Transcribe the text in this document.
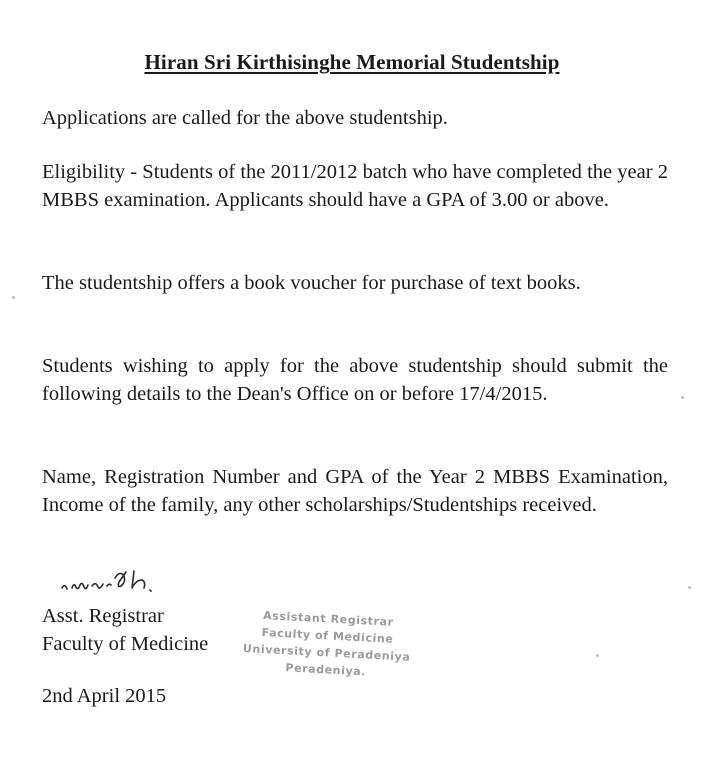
Hiran Sri Kirthisinghe Memorial Studentship
Applications are called for the above studentship.
Eligibility - Students of the 2011/2012 batch who have completed the year 2 MBBS examination. Applicants should have a GPA of 3.00 or above.
The studentship offers a book voucher for purchase of text books.
Students wishing to apply for the above studentship should submit the following details to the Dean's Office on or before 17/4/2015.
Name, Registration Number and GPA of the Year 2 MBBS Examination, Income of the family, any other scholarships/Studentships received.
Asst. Registrar
Faculty of Medicine
Assistant Registrar
Faculty of Medicine
University of Peradeniya
Peradeniya.
2nd April 2015
